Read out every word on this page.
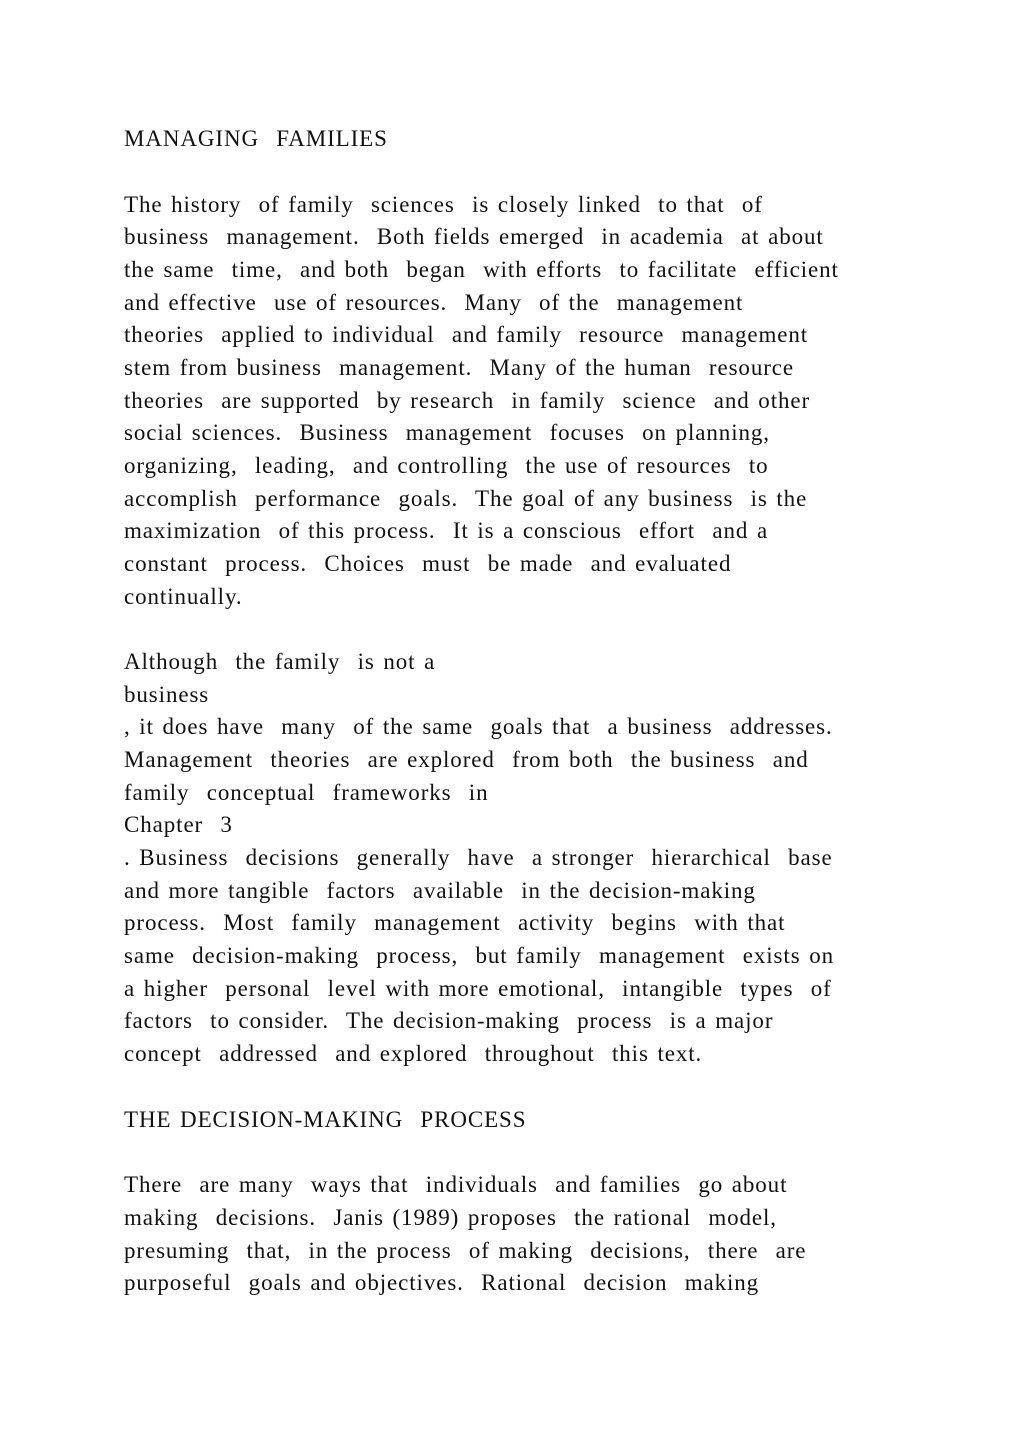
MANAGING  FAMILIES
The history  of family  sciences  is closely linked  to that  of
business  management.  Both fields emerged  in academia  at about
the same  time,  and both  began  with efforts  to facilitate  efficient
and effective  use of resources.  Many  of the  management
theories  applied to individual  and family  resource  management
stem from business  management.  Many of the human  resource
theories  are supported  by research  in family  science  and other
social sciences.  Business  management  focuses  on planning,
organizing,  leading,  and controlling  the use of resources  to
accomplish  performance  goals.  The goal of any business  is the
maximization  of this process.  It is a conscious  effort  and a
constant  process.  Choices  must  be made  and evaluated
continually.
Although  the family  is not a
business
, it does have  many  of the same  goals that  a business  addresses.
Management  theories  are explored  from both  the business  and
family  conceptual  frameworks  in
Chapter  3
. Business  decisions  generally  have  a stronger  hierarchical  base
and more tangible  factors  available  in the decision-making
process.  Most  family  management  activity  begins  with that
same  decision-making  process,  but family  management  exists on
a higher  personal  level with more emotional,  intangible  types  of
factors  to consider.  The decision-making  process  is a major
concept  addressed  and explored  throughout  this text.
THE DECISION-MAKING  PROCESS
There  are many  ways that  individuals  and families  go about
making  decisions.  Janis (1989) proposes  the rational  model,
presuming  that,  in the process  of making  decisions,  there  are
purposeful  goals and objectives.  Rational  decision  making
